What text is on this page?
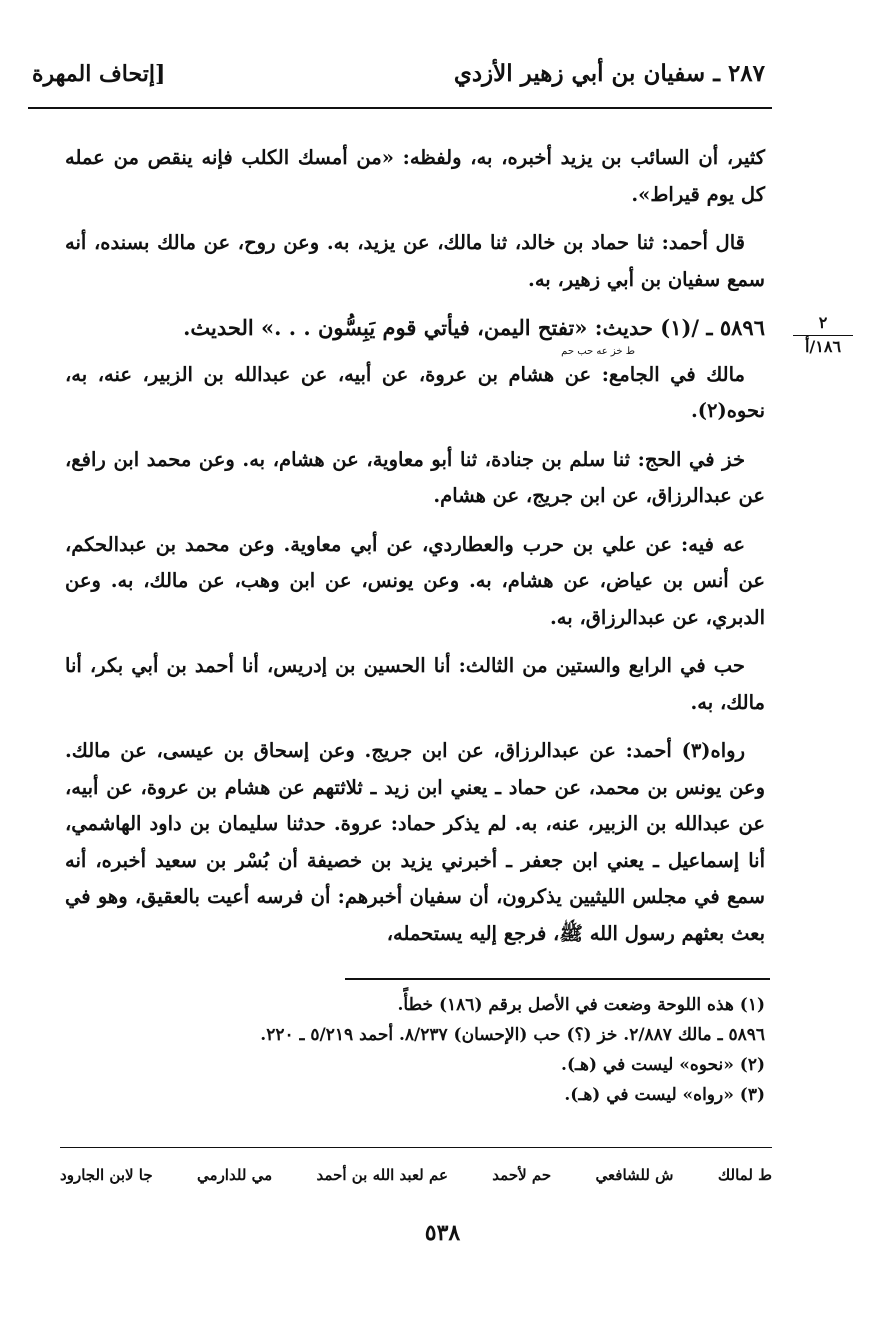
٢٨٧ ـ سفيان بن أبي زهير الأزدي
[إتحاف المهرة
٢
١٨٦/أ

كثير، أن السائب بن يزيد أخبره، به، ولفظه: «من أمسك الكلب فإنه ينقص من عمله كل يوم قيراط».

قال أحمد: ثنا حماد بن خالد، ثنا مالك، عن يزيد، به. وعن روح، عن مالك بسنده، أنه سمع سفيان بن أبي زهير، به.

٥٨٩٦ ـ /(١) حديث: «تفتح اليمن، فيأتي قوم يَبِسُّون . . .» الحديث.

ط خز عه حب حم

مالك في الجامع: عن هشام بن عروة، عن أبيه، عن عبدالله بن الزبير، عنه، به، نحوه(٢).

خز في الحج: ثنا سلم بن جنادة، ثنا أبو معاوية، عن هشام، به. وعن محمد ابن رافع، عن عبدالرزاق، عن ابن جريج، عن هشام.

عه فيه: عن علي بن حرب والعطاردي، عن أبي معاوية. وعن محمد بن عبدالحكم، عن أنس بن عياض، عن هشام، به. وعن يونس، عن ابن وهب، عن مالك، به. وعن الدبري، عن عبدالرزاق، به.

حب في الرابع والستين من الثالث: أنا الحسين بن إدريس، أنا أحمد بن أبي بكر، أنا مالك، به.

رواه(٣) أحمد: عن عبدالرزاق، عن ابن جريج. وعن إسحاق بن عيسى، عن مالك. وعن يونس بن محمد، عن حماد ـ يعني ابن زيد ـ ثلاثتهم عن هشام بن عروة، عن أبيه، عن عبدالله بن الزبير، عنه، به. لم يذكر حماد: عروة. حدثنا سليمان بن داود الهاشمي، أنا إسماعيل ـ يعني ابن جعفر ـ أخبرني يزيد بن خصيفة أن بُسْر بن سعيد أخبره، أنه سمع في مجلس الليثيين يذكرون، أن سفيان أخبرهم: أن فرسه أعيت بالعقيق، وهو في بعث بعثهم رسول الله ﷺ، فرجع إليه يستحمله،

(١) هذه اللوحة وضعت في الأصل برقم (١٨٦) خطأً.
٥٨٩٦ ـ مالك ٢/٨٨٧. خز (؟) حب (الإحسان) ٨/٢٣٧. أحمد ٥/٢١٩ ـ ٢٢٠.
(٢) «نحوه» ليست في (هـ).
(٣) «رواه» ليست في (هـ).
ط لمالك
ش للشافعي
حم لأحمد
عم لعبد الله بن أحمد
مي للدارمي
جا لابن الجارود
٥٣٨
